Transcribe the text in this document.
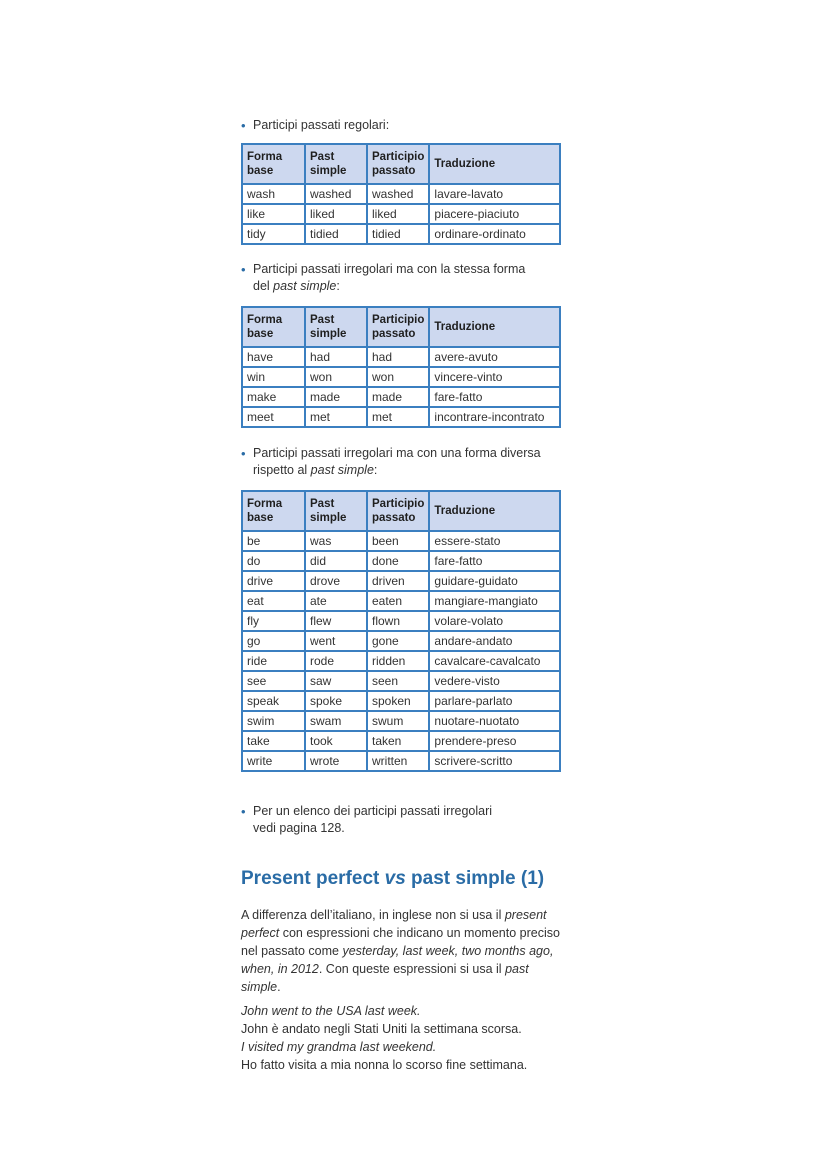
• Participi passati regolari:
Forma base	Past simple	Participio passato	Traduzione
wash	washed	washed	lavare-lavato
like	liked	liked	piacere-piaciuto
tidy	tidied	tidied	ordinare-ordinato
• Participi passati irregolari ma con la stessa forma
del past simple:
Forma base	Past simple	Participio passato	Traduzione
have	had	had	avere-avuto
win	won	won	vincere-vinto
make	made	made	fare-fatto
meet	met	met	incontrare-incontrato
• Participi passati irregolari ma con una forma diversa
rispetto al past simple:
Forma base	Past simple	Participio passato	Traduzione
be	was	been	essere-stato
do	did	done	fare-fatto
drive	drove	driven	guidare-guidato
eat	ate	eaten	mangiare-mangiato
fly	flew	flown	volare-volato
go	went	gone	andare-andato
ride	rode	ridden	cavalcare-cavalcato
see	saw	seen	vedere-visto
speak	spoke	spoken	parlare-parlato
swim	swam	swum	nuotare-nuotato
take	took	taken	prendere-preso
write	wrote	written	scrivere-scritto
• Per un elenco dei participi passati irregolari
vedi pagina 128.
Present perfect vs past simple (1)
A differenza dell’italiano, in inglese non si usa il present perfect con espressioni che indicano un momento preciso nel passato come yesterday, last week, two months ago, when, in 2012. Con queste espressioni si usa il past simple.
John went to the USA last week.
John è andato negli Stati Uniti la settimana scorsa.
I visited my grandma last weekend.
Ho fatto visita a mia nonna lo scorso fine settimana.
